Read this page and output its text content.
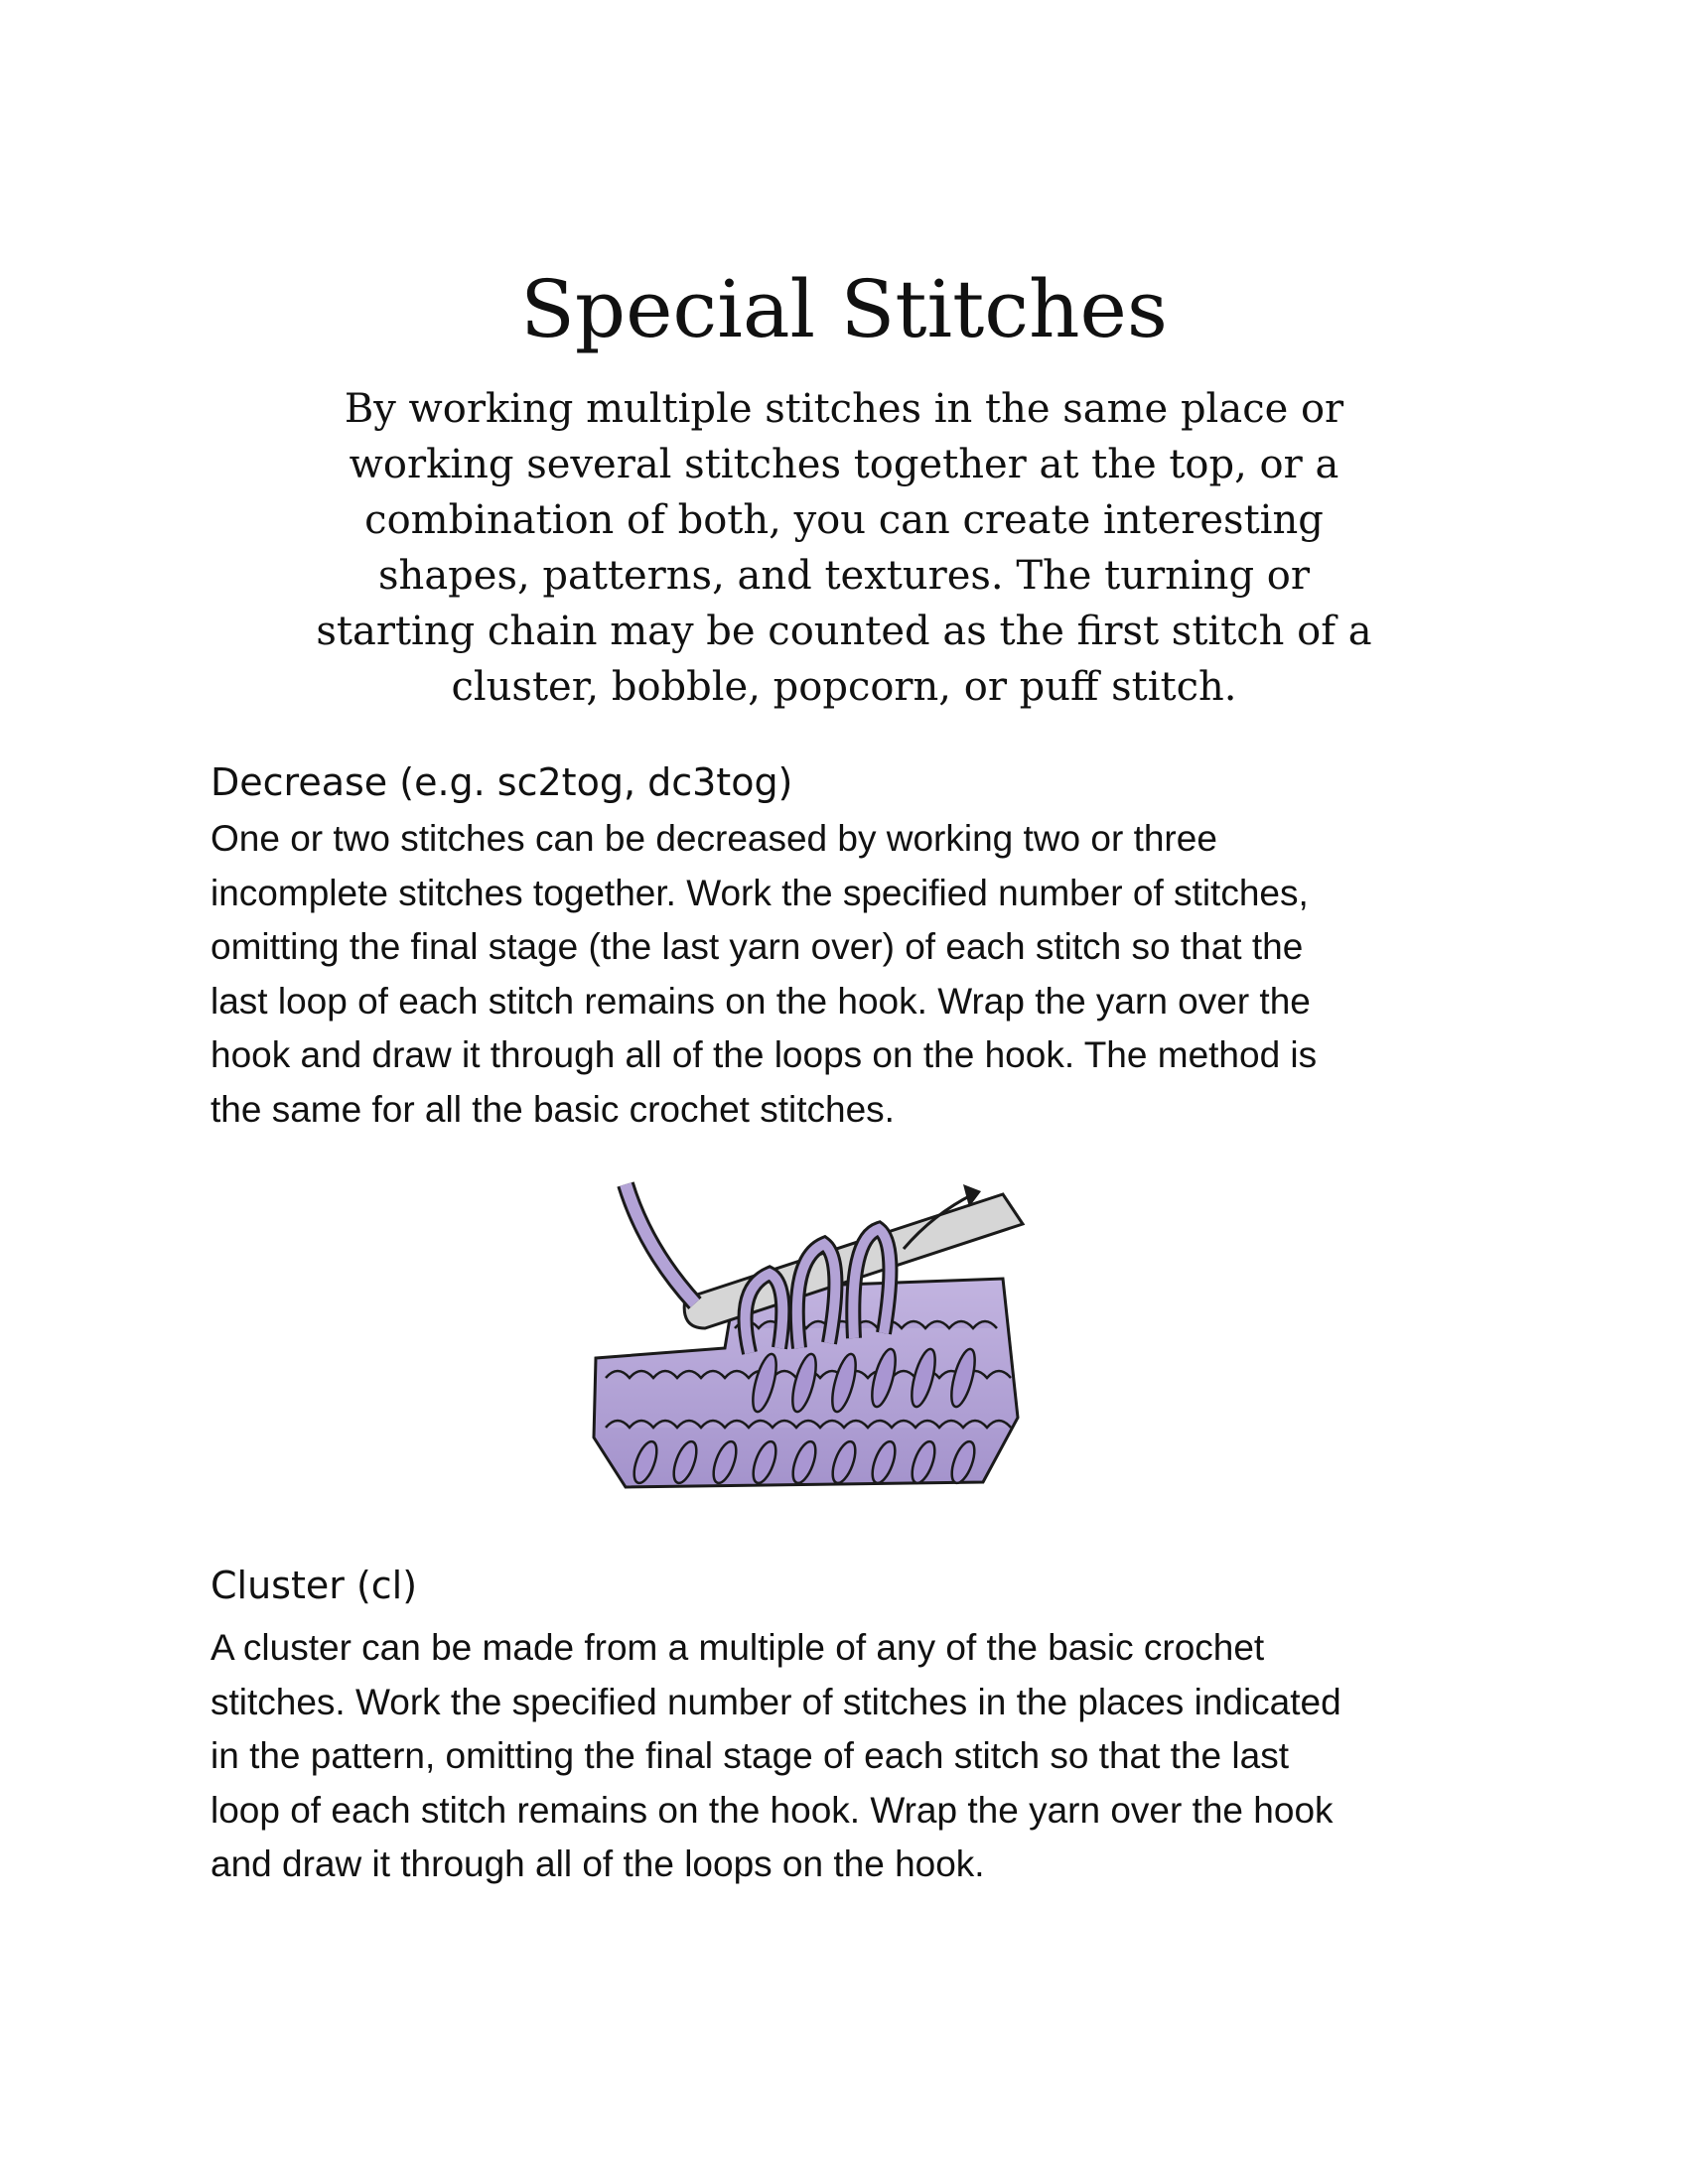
Special Stitches

By working multiple stitches in the same place or
working several stitches together at the top, or a
combination of both, you can create interesting
shapes, patterns, and textures. The turning or
starting chain may be counted as the first stitch of a
cluster, bobble, popcorn, or puff stitch.

Decrease (e.g. sc2tog, dc3tog)

One or two stitches can be decreased by working two or three
incomplete stitches together. Work the specified number of stitches,
omitting the final stage (the last yarn over) of each stitch so that the
last loop of each stitch remains on the hook. Wrap the yarn over the
hook and draw it through all of the loops on the hook. The method is
the same for all the basic crochet stitches.

Cluster (cl)

A cluster can be made from a multiple of any of the basic crochet
stitches. Work the specified number of stitches in the places indicated
in the pattern, omitting the final stage of each stitch so that the last
loop of each stitch remains on the hook. Wrap the yarn over the hook
and draw it through all of the loops on the hook.
